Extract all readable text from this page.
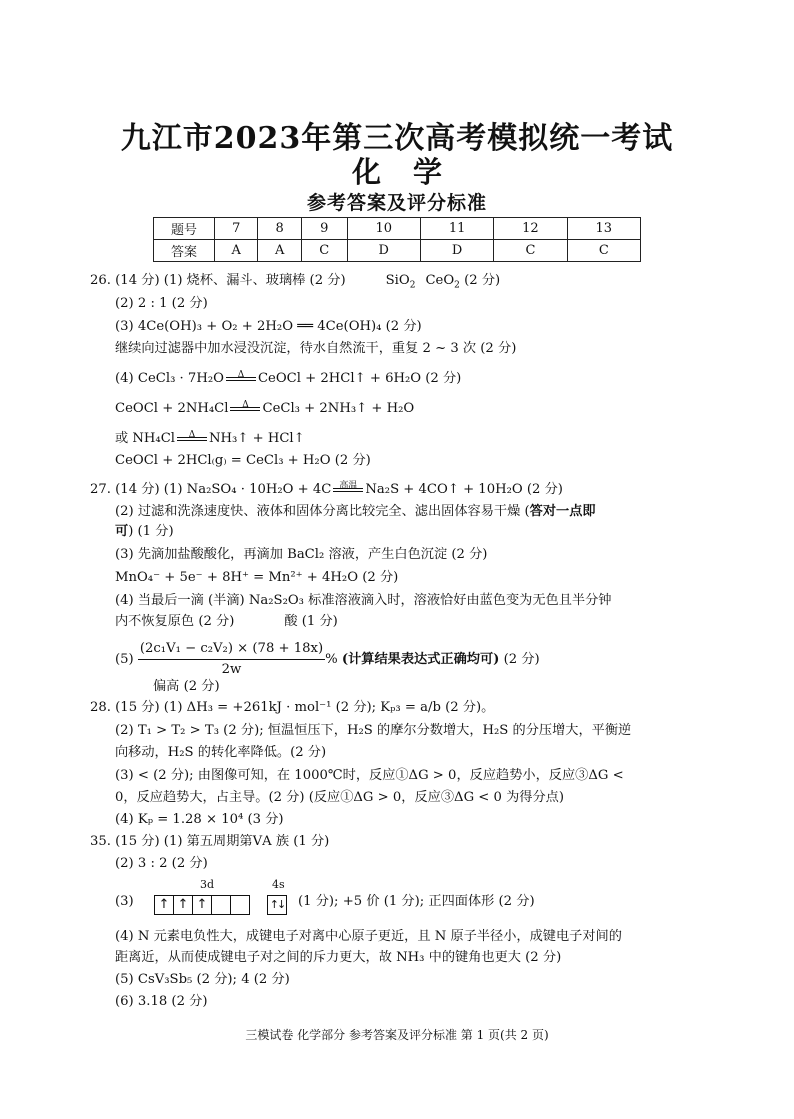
九江市2023年第三次高考模拟统一考试
化学
参考答案及评分标准
题号	7	8	9	10	11	12	13
答案	A	A	C	D	D	C	C
26. (14 分) (1) 烧杯、漏斗、玻璃棒 (2 分)	SiO$_2$ CeO$_2$ (2 分)
(2) 2 : 1 (2 分)
(3) 4Ce(OH)₃ + O₂ + 2H₂O ══ 4Ce(OH)₄ (2 分)
继续向过滤器中加水浸没沉淀，待水自然流干，重复 2 ~ 3 次 (2 分)
(4) CeCl₃ · 7H₂O	Δ	CeOCl + 2HCl↑ + 6H₂O (2 分)
CeOCl + 2NH₄Cl	Δ	CeCl₃ + 2NH₃↑ + H₂O
或 NH₄Cl	Δ	NH₃↑ + HCl↑
CeOCl + 2HCl₍g₎ = CeCl₃ + H₂O (2 分)
27. (14 分) (1) Na₂SO₄ · 10H₂O + 4C 高温 Na₂S + 4CO↑ + 10H₂O (2 分)
(2) 过滤和洗涤速度快、液体和固体分离比较完全、滤出固体容易干燥 (答对一点即
可) (1 分)
(3) 先滴加盐酸酸化，再滴加 BaCl₂ 溶液，产生白色沉淀 (2 分)
MnO₄⁻ + 5e⁻ + 8H⁺ = Mn²⁺ + 4H₂O (2 分)
(4) 当最后一滴 (半滴) Na₂S₂O₃ 标准溶液滴入时，溶液恰好由蓝色变为无色且半分钟
内不恢复原色 (2 分)	酸 (1 分)
$(5) \frac{\text{(2c₁V₁ − c₂V₂) × (78 + 18x)}}{2w}$ % (计算结果表达式正确均可) (2 分)
偏高 (2 分)
28. (15 分) (1) ΔH₃ = +261kJ · mol⁻¹ (2 分); Kₚ₃ = a/b (2 分)。
(2) T₁ > T₂ > T₃ (2 分); 恒温恒压下，H₂S 的摩尔分数增大，H₂S 的分压增大，平衡逆
向移动，H₂S 的转化率降低。(2 分)
(3) < (2 分); 由图像可知，在 1000℃时，反应①ΔG > 0，反应趋势小，反应③ΔG <
0，反应趋势大，占主导。(2 分) (反应①ΔG > 0，反应③ΔG < 0 为得分点)
(4) Kₚ = 1.28 × 10⁴ (3 分)
35. (15 分) (1) 第五周期第ⅤA 族 (1 分)
(2) 3 : 2 (2 分)
(3)
3d	4s
↑ ↑ ↑	↑↓ (1 分); +5 价 (1 分); 正四面体形 (2 分)
(4) N 元素电负性大，成键电子对离中心原子更近，且 N 原子半径小，成键电子对间的
距离近，从而使成键电子对之间的斥力更大，故 NH₃ 中的键角也更大 (2 分)
(5) CsV₃Sb₅ (2 分); 4 (2 分)
(6) 3.18 (2 分)
三模试卷 化学部分 参考答案及评分标准 第 1 页(共 2 页)
